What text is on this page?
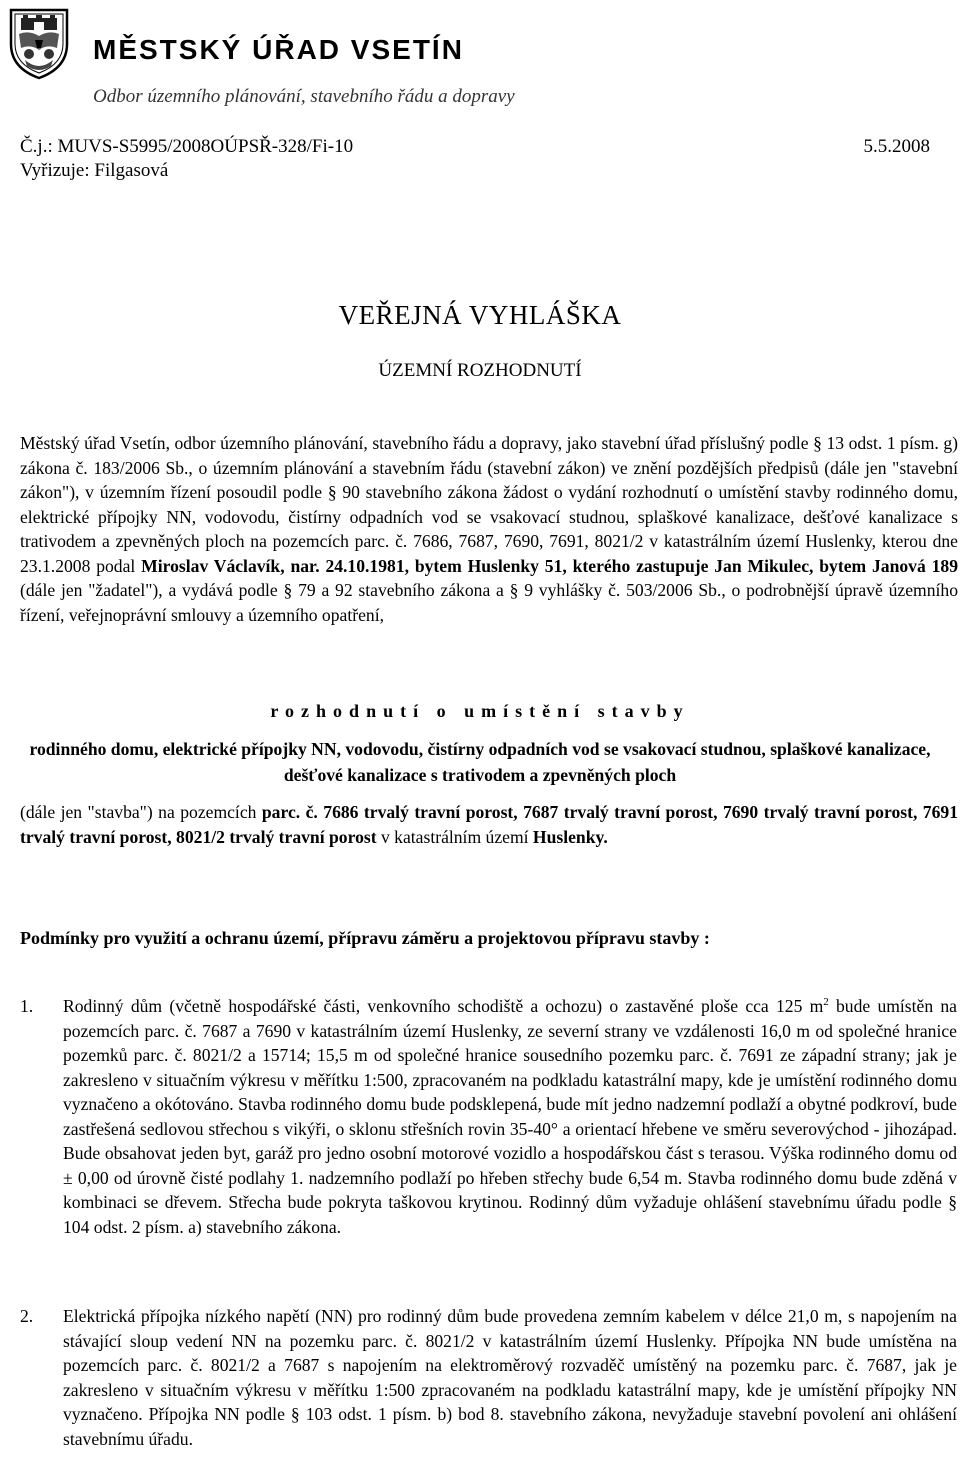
MĚSTSKÝ ÚŘAD VSETÍN
Odbor územního plánování, stavebního řádu a dopravy
Č.j.: MUVS-S5995/2008OÚPSŘ-328/Fi-10	5.5.2008
Vyřizuje: Filgasová
VEŘEJNÁ VYHLÁŠKA
ÚZEMNÍ ROZHODNUTÍ
Městský úřad Vsetín, odbor územního plánování, stavebního řádu a dopravy, jako stavební úřad příslušný podle § 13 odst. 1 písm. g) zákona č. 183/2006 Sb., o územním plánování a stavebním řádu (stavební zákon) ve znění pozdějších předpisů (dále jen "stavební zákon"), v územním řízení posoudil podle § 90 stavebního zákona žádost o vydání rozhodnutí o umístění stavby rodinného domu, elektrické přípojky NN, vodovodu, čistírny odpadních vod se vsakovací studnou, splaškové kanalizace, dešťové kanalizace s trativodem a zpevněných ploch na pozemcích parc. č. 7686, 7687, 7690, 7691, 8021/2 v katastrálním území Huslenky, kterou dne 23.1.2008 podal Miroslav Václavík, nar. 24.10.1981, bytem Huslenky 51, kterého zastupuje Jan Mikulec, bytem Janová 189 (dále jen "žadatel"), a vydává podle § 79 a 92 stavebního zákona a § 9 vyhlášky č. 503/2006 Sb., o podrobnější úpravě územního řízení, veřejnoprávní smlouvy a územního opatření,
rozhodnutí o umístění stavby
rodinného domu, elektrické přípojky NN, vodovodu, čistírny odpadních vod se vsakovací studnou, splaškové kanalizace, dešťové kanalizace s trativodem a zpevněných ploch
(dále jen "stavba") na pozemcích parc. č. 7686 trvalý travní porost, 7687 trvalý travní porost, 7690 trvalý travní porost, 7691 trvalý travní porost, 8021/2 trvalý travní porost v katastrálním území Huslenky.
Podmínky pro využití a ochranu území, přípravu záměru a projektovou přípravu stavby :
1. Rodinný dům (včetně hospodářské části, venkovního schodiště a ochozu) o zastavěné ploše cca 125 $m^2$ bude umístěn na pozemcích parc. č. 7687 a 7690 v katastrálním území Huslenky, ze severní strany ve vzdálenosti 16,0 m od společné hranice pozemků parc. č. 8021/2 a 15714; 15,5 m od společné hranice sousedního pozemku parc. č. 7691 ze západní strany; jak je zakresleno v situačním výkresu v měřítku 1:500, zpracovaném na podkladu katastrální mapy, kde je umístění rodinného domu vyznačeno a okótováno. Stavba rodinného domu bude podsklepená, bude mít jedno nadzemní podlaží a obytné podkroví, bude zastřešená sedlovou střechou s vikýři, o sklonu střešních rovin 35-40° a orientací hřebene ve směru severovýchod - jihozápad. Bude obsahovat jeden byt, garáž pro jedno osobní motorové vozidlo a hospodářskou část s terasou. Výška rodinného domu od ± 0,00 od úrovně čisté podlahy 1. nadzemního podlaží po hřeben střechy bude 6,54 m. Stavba rodinného domu bude zděná v kombinaci se dřevem. Střecha bude pokryta taškovou krytinou. Rodinný dům vyžaduje ohlášení stavebnímu úřadu podle § 104 odst. 2 písm. a) stavebního zákona.
2. Elektrická přípojka nízkého napětí (NN) pro rodinný dům bude provedena zemním kabelem v délce 21,0 m, s napojením na stávající sloup vedení NN na pozemku parc. č. 8021/2 v katastrálním území Huslenky. Přípojka NN bude umístěna na pozemcích parc. č. 8021/2 a 7687 s napojením na elektroměrový rozvaděč umístěný na pozemku parc. č. 7687, jak je zakresleno v situačním výkresu v měřítku 1:500 zpracovaném na podkladu katastrální mapy, kde je umístění přípojky NN vyznačeno. Přípojka NN podle § 103 odst. 1 písm. b) bod 8. stavebního zákona, nevyžaduje stavební povolení ani ohlášení stavebnímu úřadu.
